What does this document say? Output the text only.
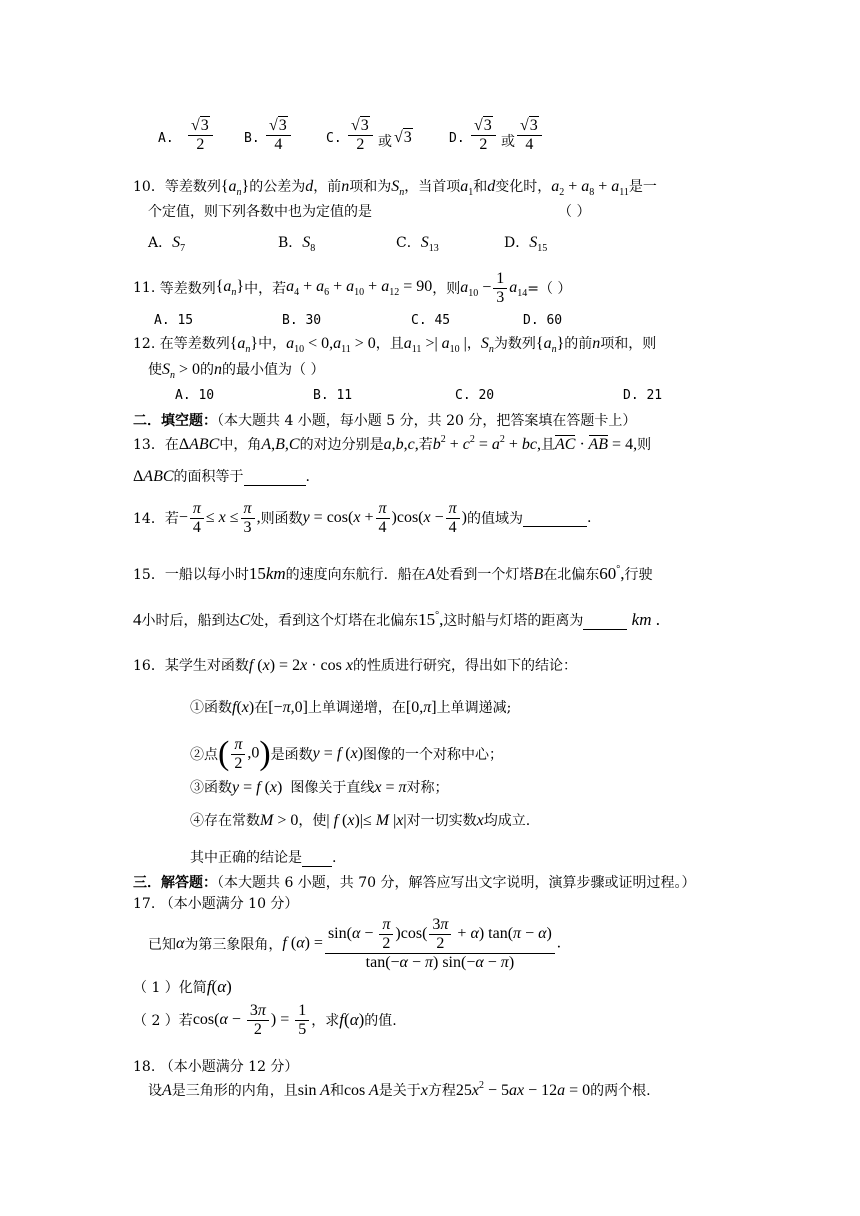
A. $\frac{√3}{2} B$. $\frac{√3}{4}$	C. $\frac{√3}{2}$ 或 √3	D. $\frac{√3}{2}$ 或 $\frac{√3}{4}$
10．等差数列$\{a_n\}$的公差为d，前n项和为$S_n$，当首项$a_1$和d变化时，$a_2 + a_8 + a_{11}$是一
个定值，则下列各数中也为定值的是	（ ）
A．$S_7$	B．$S_8$	C．$S_{13}$	D．$S_{15}$
11.
等差数列 $\{a_n\}$ 中，若 $a_4 + a_6 + a_{10} + a_{12} = 90$ ，则 $a_{10} - \frac{1}{3} a_{14}$ =（ ）
A. 15	B. 30	C. 45	D. 60
12. 在等差数列$\{a_n\}$中，$a_{10} < 0,a_{11} > 0$，且$a_{11}$ >| $a_{10}$ |，$S_n$为数列$\{a_n\}$的前n项和，则
使$S_n > 0$的n的最小值为（ ）
A. 10	B. 11	C. 20	D. 21
二．填空题：（本大题共 4 小题，每小题 5 分，共 20 分，把答案填在答题卡上）
13．在ΔABC中，角A,B,C的对边分别是a,b,c,若$b^2 + c^2 = a^2$ + bc,且AC · AB = 4,则
ΔABC的面积等于	.
14． 若 − $\frac{\pi}{4} \le x \le \frac{\pi}{3}$ , 则函数 $y = \cos(x + \frac{\pi}{4} )\cos(x - \frac{\pi}{4}$ ) 的值域为
	.
15．一船以每小时15km的速度向东航行．船在A处看到一个灯塔B在北偏东60°,行驶
4小时后，船到达C处，看到这个灯塔在北偏东15°,这时船与灯塔的距离为	km .
16．某学生对函数f (x) = 2x · cos x的性质进行研究，得出如下的结论：
①函数f(x)在[−π,0]上单调递增，在[0,π]上单调递减;
②点 ( $\frac{\pi}{2} ,0$) 是函数 y = f (x) 图像的一个对称中心；
③函数y = f (x) 图像关于直线x = π对称；
④存在常数M > 0，使| f (x)|≤ M |x|对一切实数x均成立.
其中正确的结论是 .
三．解答题：（本大题共 6 小题，共 70 分，解答应写出文字说明，演算步骤或证明过程。）
17. （本小题满分 10 分）
已知 α 为第三象限角， f $(\alpha) = \frac{\sin(\alpha - \frac{\pi}{2} )\cos( \frac{3\pi}{2} + \alpha) \tan(\pi - \alpha)}{\tan(-\alpha - \pi) \sin(-\alpha - \pi)}$ .
（ 1 ）化简f(α)
（ 2 ）若 $\cos(\alpha - \frac{3\pi}{2}$ ) = $\frac{1}{5}$ ，求 f(α) 的值.
18. （本小题满分 12 分）
设A是三角形的内角，且sin A和cos A是关于x方程$25x^2 - 5ax - 12a = 0$的两个根.
